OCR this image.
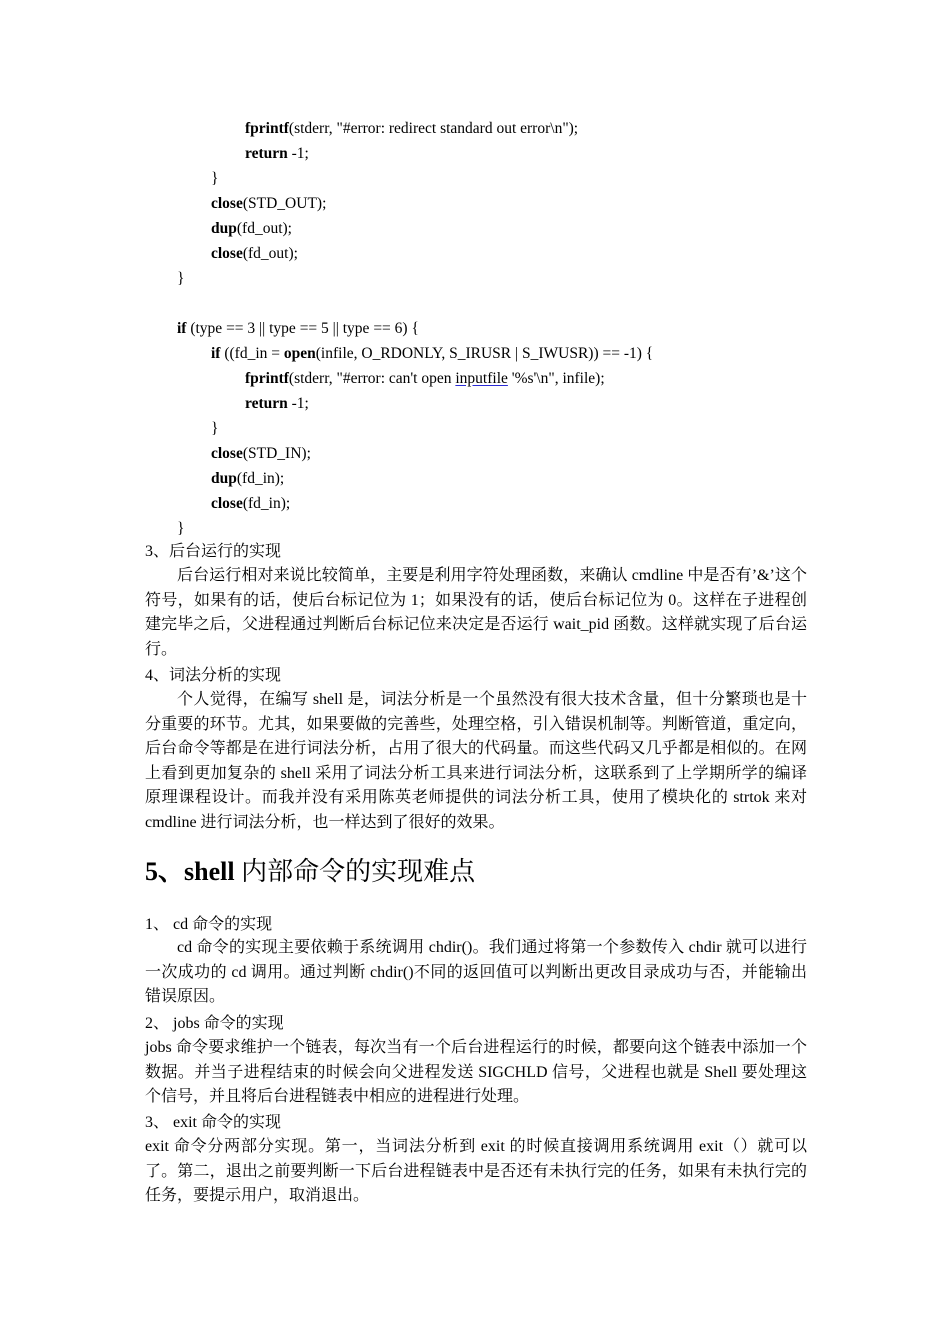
fprintf(stderr, "#error: redirect standard out error\n");
return -1;
}
close(STD_OUT);
dup(fd_out);
close(fd_out);
}
if (type == 3 || type == 5 || type == 6) {
if ((fd_in = open(infile, O_RDONLY, S_IRUSR | S_IWUSR)) == -1) {
fprintf(stderr, "#error: can't open inputfile '%s'\n", infile);
return -1;
}
close(STD_IN);
dup(fd_in);
close(fd_in);
}
3、后台运行的实现
后台运行相对来说比较简单，主要是利用字符处理函数，来确认 cmdline 中是否有’&’这个符号，如果有的话，使后台标记位为 1；如果没有的话，使后台标记位为 0。这样在子进程创建完毕之后，父进程通过判断后台标记位来决定是否运行 wait_pid 函数。这样就实现了后台运行。
4、词法分析的实现
个人觉得，在编写 shell 是，词法分析是一个虽然没有很大技术含量，但十分繁琐也是十分重要的环节。尤其，如果要做的完善些，处理空格，引入错误机制等。判断管道，重定向，后台命令等都是在进行词法分析，占用了很大的代码量。而这些代码又几乎都是相似的。在网上看到更加复杂的 shell 采用了词法分析工具来进行词法分析，这联系到了上学期所学的编译原理课程设计。而我并没有采用陈英老师提供的词法分析工具，使用了模块化的 strtok 来对 cmdline 进行词法分析，也一样达到了很好的效果。
5、shell 内部命令的实现难点
1、 cd 命令的实现
cd 命令的实现主要依赖于系统调用 chdir()。我们通过将第一个参数传入 chdir 就可以进行一次成功的 cd 调用。通过判断 chdir()不同的返回值可以判断出更改目录成功与否，并能输出错误原因。
2、 jobs 命令的实现
jobs 命令要求维护一个链表，每次当有一个后台进程运行的时候，都要向这个链表中添加一个数据。并当子进程结束的时候会向父进程发送 SIGCHLD 信号，父进程也就是 Shell 要处理这个信号，并且将后台进程链表中相应的进程进行处理。
3、 exit 命令的实现
exit 命令分两部分实现。第一，当词法分析到 exit 的时候直接调用系统调用 exit（）就可以了。第二，退出之前要判断一下后台进程链表中是否还有未执行完的任务，如果有未执行完的任务，要提示用户，取消退出。
